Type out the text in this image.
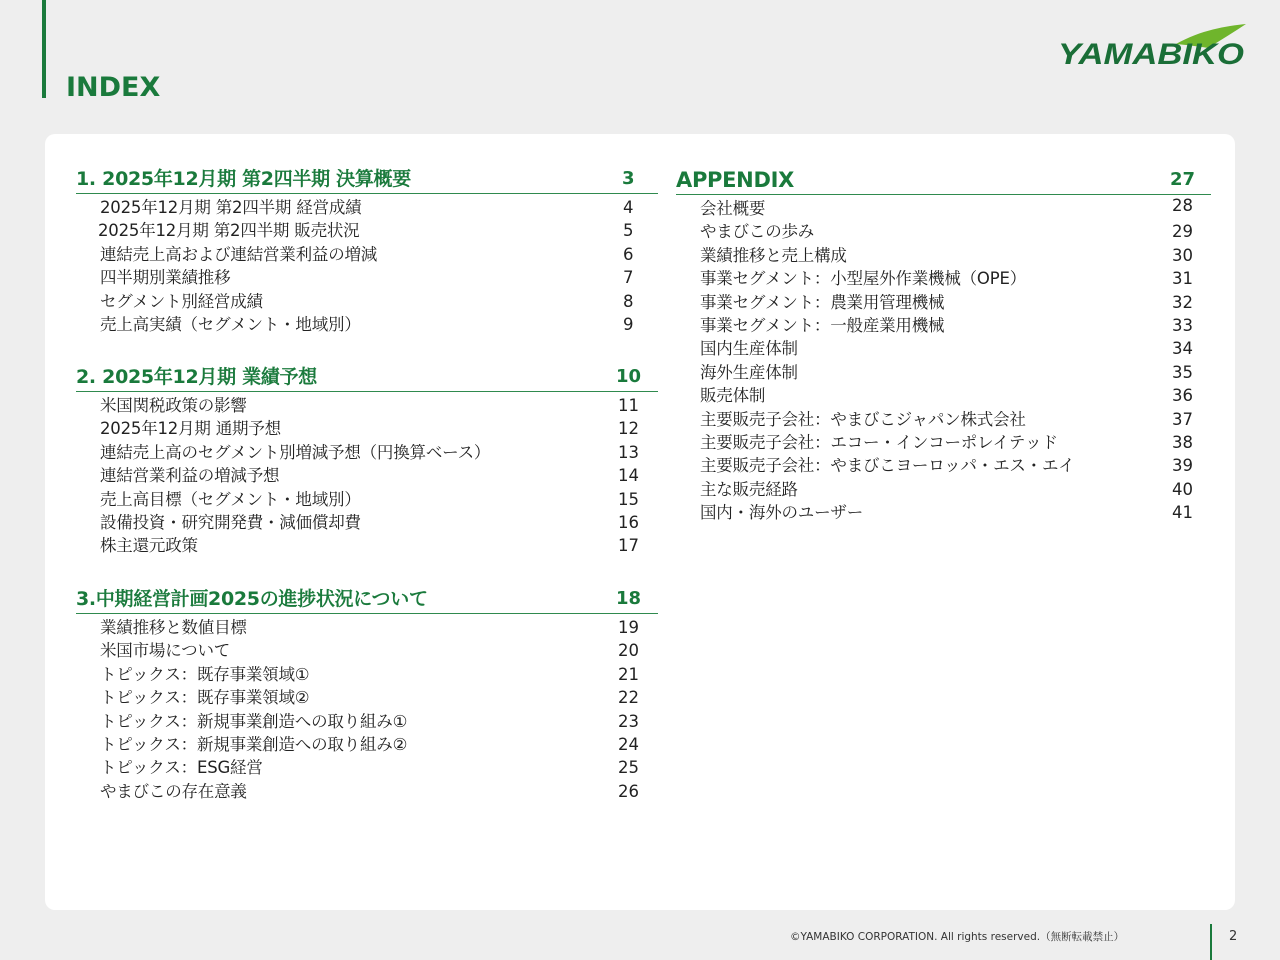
INDEX
YAMABIKO
1. 2025年12月期 第2四半期 決算概要	3
2025年12月期 第2四半期 経営成績	4
2025年12月期 第2四半期 販売状況	5
連結売上高および連結営業利益の増減	6
四半期別業績推移	7
セグメント別経営成績	8
売上高実績（セグメント・地域別）	9
2. 2025年12月期 業績予想	10
米国関税政策の影響	11
2025年12月期 通期予想	12
連結売上高のセグメント別増減予想（円換算ベース）	13
連結営業利益の増減予想	14
売上高目標（セグメント・地域別）	15
設備投資・研究開発費・減価償却費	16
株主還元政策	17
3.中期経営計画2025の進捗状況について	18
業績推移と数値目標	19
米国市場について	20
トピックス：既存事業領域①	21
トピックス：既存事業領域②	22
トピックス：新規事業創造への取り組み①	23
トピックス：新規事業創造への取り組み②	24
トピックス：ESG経営	25
やまびこの存在意義	26
APPENDIX	27
会社概要	28
やまびこの歩み	29
業績推移と売上構成	30
事業セグメント：小型屋外作業機械（OPE）	31
事業セグメント：農業用管理機械	32
事業セグメント：一般産業用機械	33
国内生産体制	34
海外生産体制	35
販売体制	36
主要販売子会社：やまびこジャパン株式会社	37
主要販売子会社：エコー・インコーポレイテッド	38
主要販売子会社：やまびこヨーロッパ・エス・エイ	39
主な販売経路	40
国内・海外のユーザー	41
©YAMABIKO CORPORATION. All rights reserved.（無断転載禁止）	2
